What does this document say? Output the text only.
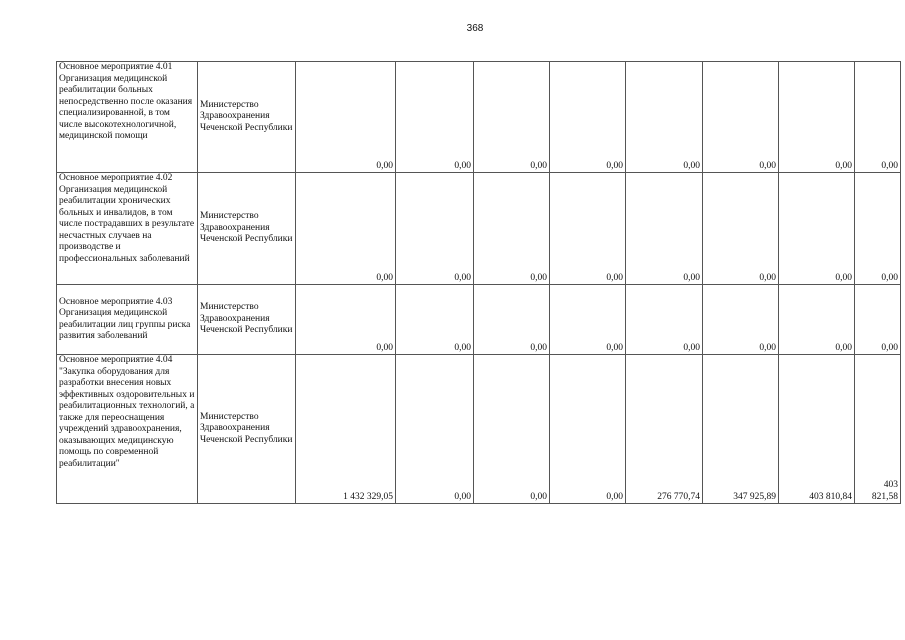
368
Основное мероприятие 4.01 Организация медицинской реабилитации больных непосредственно после оказания специализированной, в том числе высокотехнологичной, медицинской помощи	Министерство Здравоохранения Чеченской Республики	0,00	0,00	0,00	0,00	0,00	0,00	0,00	0,00

Основное мероприятие 4.02 Организация медицинской реабилитации хронических больных и инвалидов, в том числе пострадавших в результате несчастных случаев на производстве и профессиональных заболеваний	Министерство Здравоохранения Чеченской Республики	0,00	0,00	0,00	0,00	0,00	0,00	0,00	0,00

Основное мероприятие 4.03 Организация медицинской реабилитации лиц группы риска развития заболеваний	Министерство Здравоохранения Чеченской Республики	0,00	0,00	0,00	0,00	0,00	0,00	0,00	0,00

Основное мероприятие 4.04 "Закупка оборудования для разработки внесения новых эффективных оздоровительных и реабилитационных технологий, а также для переоснащения учреждений здравоохранения, оказывающих медицинскую помощь по современной реабилитации"	Министерство Здравоохранения Чеченской Республики	1 432 329,05	0,00	0,00	0,00	276 770,74	347 925,89	403 810,84	403 821,58
